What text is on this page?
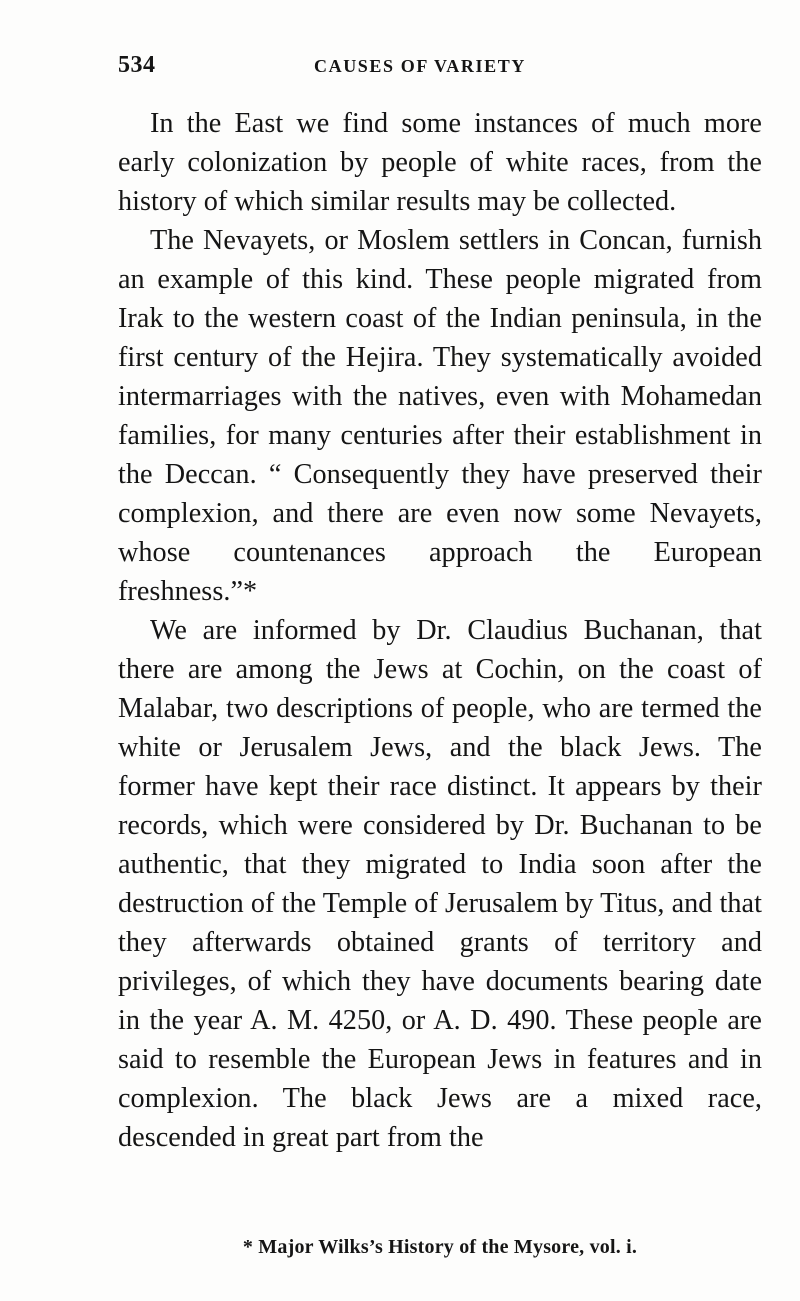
534	CAUSES OF VARIETY

In the East we find some instances of much more early colonization by people of white races, from the history of which similar results may be collected.

The Nevayets, or Moslem settlers in Concan, furnish an example of this kind. These people migrated from Irak to the western coast of the Indian peninsula, in the first century of the Hejira. They systematically avoided intermarriages with the natives, even with Mohamedan families, for many centuries after their establishment in the Deccan. “ Consequently they have preserved their complexion, and there are even now some Nevayets, whose countenances approach the European freshness.”*

We are informed by Dr. Claudius Buchanan, that there are among the Jews at Cochin, on the coast of Malabar, two descriptions of people, who are termed the white or Jerusalem Jews, and the black Jews. The former have kept their race distinct. It appears by their records, which were considered by Dr. Buchanan to be authentic, that they migrated to India soon after the destruction of the Temple of Jerusalem by Titus, and that they afterwards obtained grants of territory and privileges, of which they have documents bearing date in the year A. M. 4250, or A. D. 490. These people are said to resemble the European Jews in features and in complexion. The black Jews are a mixed race, descended in great part from the

* Major Wilks’s History of the Mysore, vol. i.
